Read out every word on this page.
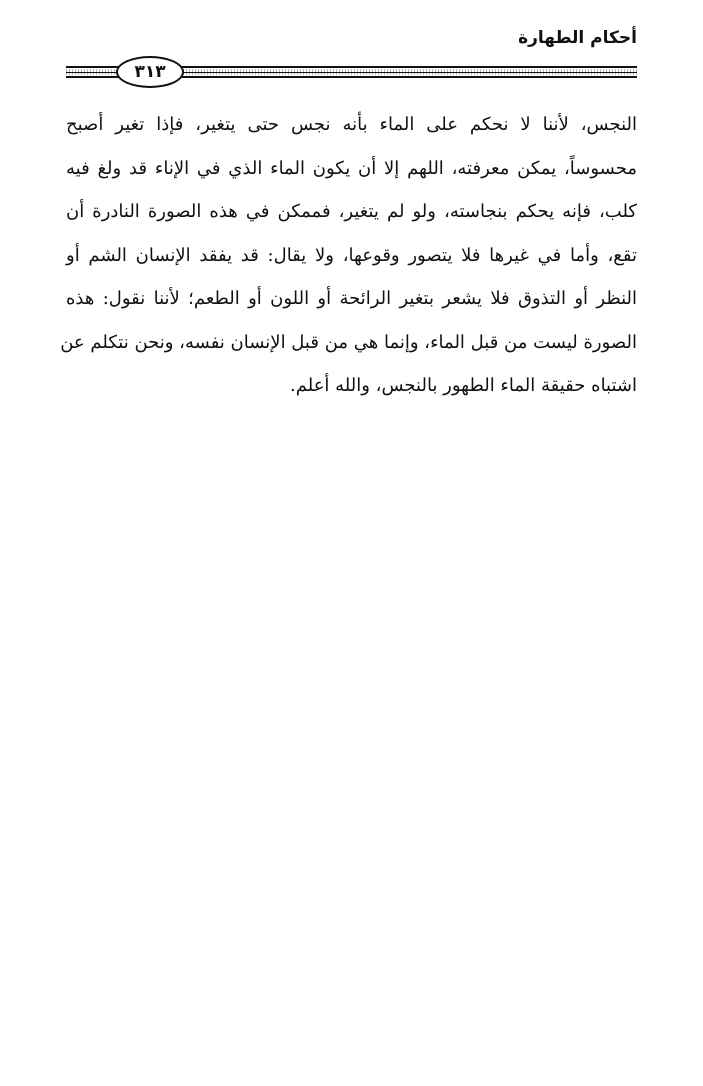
أحكام الطهارة
٣١٣
النجس، لأننا لا نحكم على الماء بأنه نجس حتى يتغير، فإذا تغير أصبح
محسوساً، يمكن معرفته، اللهم إلا أن يكون الماء الذي في الإناء قد ولغ فيه
كلب، فإنه يحكم بنجاسته، ولو لم يتغير، فممكن في هذه الصورة النادرة أن
تقع، وأما في غيرها فلا يتصور وقوعها، ولا يقال: قد يفقد الإنسان الشم أو
النظر أو التذوق فلا يشعر بتغير الرائحة أو اللون أو الطعم؛ لأننا نقول: هذه
الصورة ليست من قبل الماء، وإنما هي من قبل الإنسان نفسه، ونحن نتكلم عن
اشتباه حقيقة الماء الطهور بالنجس، والله أعلم.
